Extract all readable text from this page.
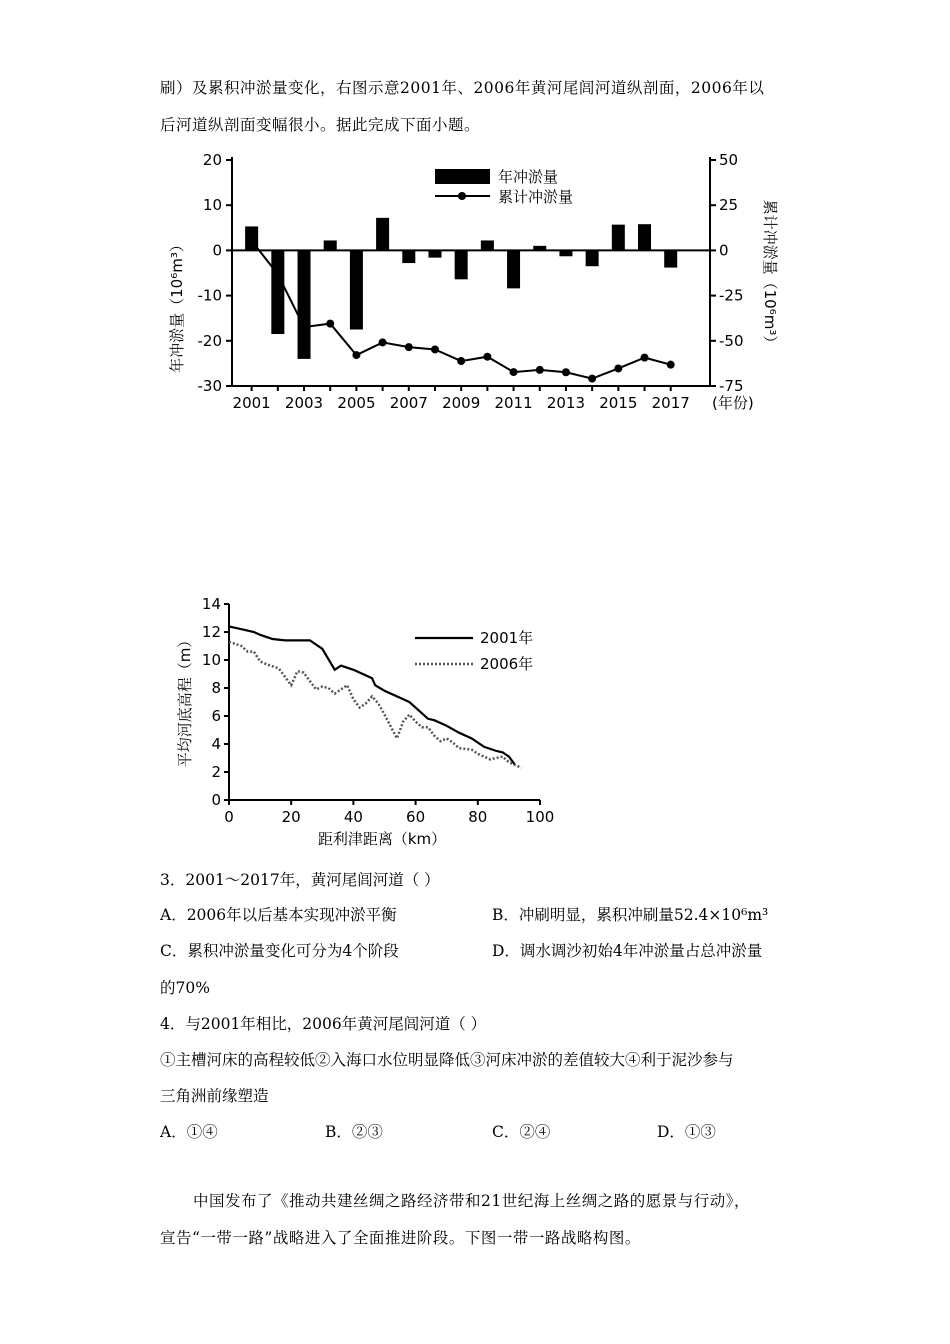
刷）及累积冲淤量变化，右图示意2001年、2006年黄河尾闾河道纵剖面，2006年以
后河道纵剖面变幅很小。据此完成下面小题。
20
10
0
-10
-20
-30
50
25
0
-25
-50
-75
2001 2003 2005 2007 2009 2011 2013 2015 2017 (年份)
年冲淤量（10⁶m³）	累计冲淤量（10⁶m³）
年冲淤量
累计冲淤量
14
12
10
8
6
4
2
0
0	20	40	60	80	100
平均河底高程（m）
距利津距离（km）
2001年
2006年
3．2001～2017年，黄河尾闾河道（ ）
A．2006年以后基本实现冲淤平衡	B．冲刷明显，累积冲刷量52.4×10⁶m³
C．累积冲淤量变化可分为4个阶段	D．调水调沙初始4年冲淤量占总冲淤量
的70%
4．与2001年相比，2006年黄河尾闾河道（ ）
①主槽河床的高程较低②入海口水位明显降低③河床冲淤的差值较大④利于泥沙参与
三角洲前缘塑造
A．①④	B．②③	C．②④	D．①③
中国发布了《推动共建丝绸之路经济带和21世纪海上丝绸之路的愿景与行动》，
宣告“一带一路”战略进入了全面推进阶段。下图一带一路战略构图。
